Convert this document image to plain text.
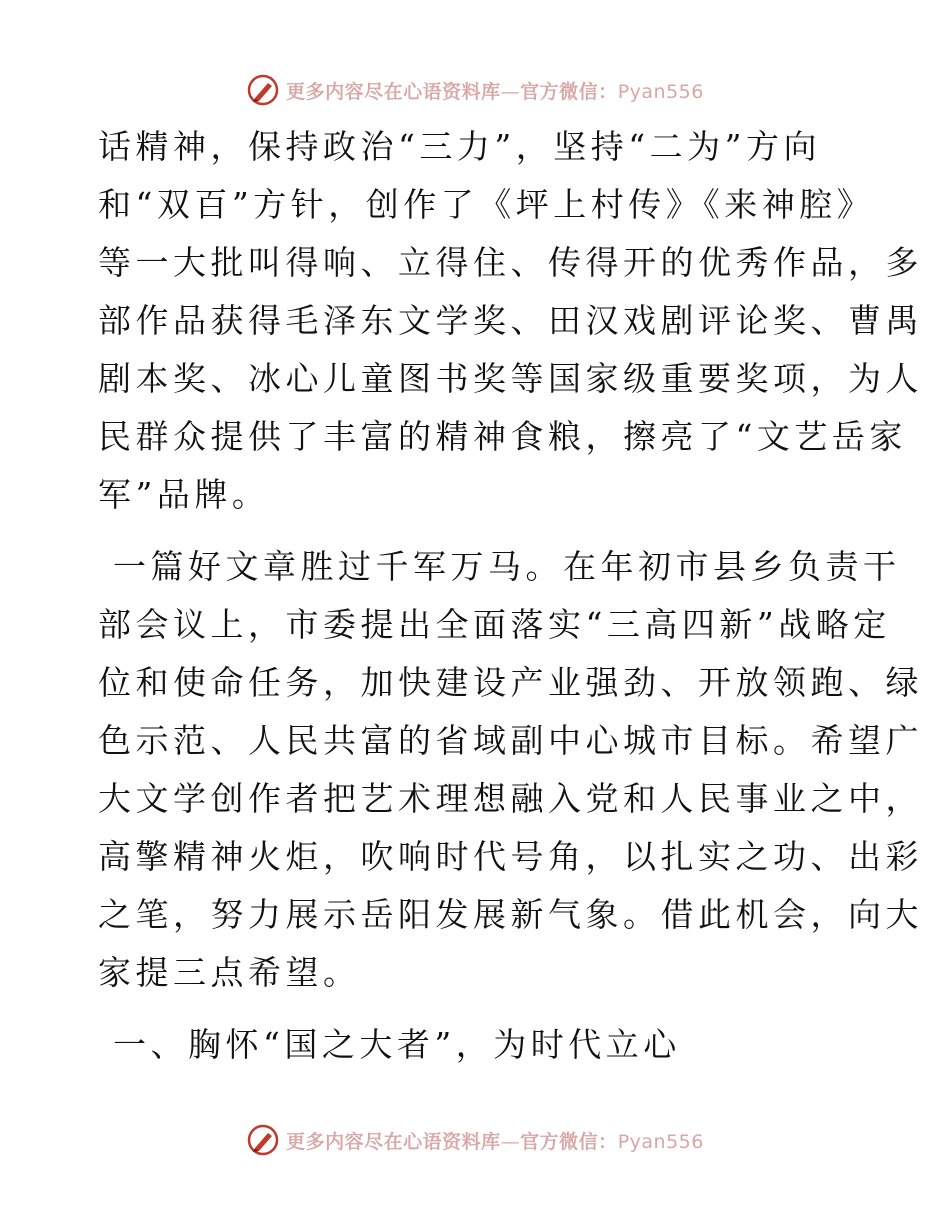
更多内容尽在心语资料库—官方微信：Pyan556

话精神，保持政治“三力”，坚持“二为”方向
和“双百”方针，创作了《坪上村传》《来神腔》
等一大批叫得响、立得住、传得开的优秀作品，多
部作品获得毛泽东文学奖、田汉戏剧评论奖、曹禺
剧本奖、冰心儿童图书奖等国家级重要奖项，为人
民群众提供了丰富的精神食粮，擦亮了“文艺岳家
军”品牌。

一篇好文章胜过千军万马。在年初市县乡负责干
部会议上，市委提出全面落实“三高四新”战略定
位和使命任务，加快建设产业强劲、开放领跑、绿
色示范、人民共富的省域副中心城市目标。希望广
大文学创作者把艺术理想融入党和人民事业之中，
高擎精神火炬，吹响时代号角，以扎实之功、出彩
之笔，努力展示岳阳发展新气象。借此机会，向大
家提三点希望。

一、胸怀“国之大者”，为时代立心
更多内容尽在心语资料库—官方微信：Pyan556
